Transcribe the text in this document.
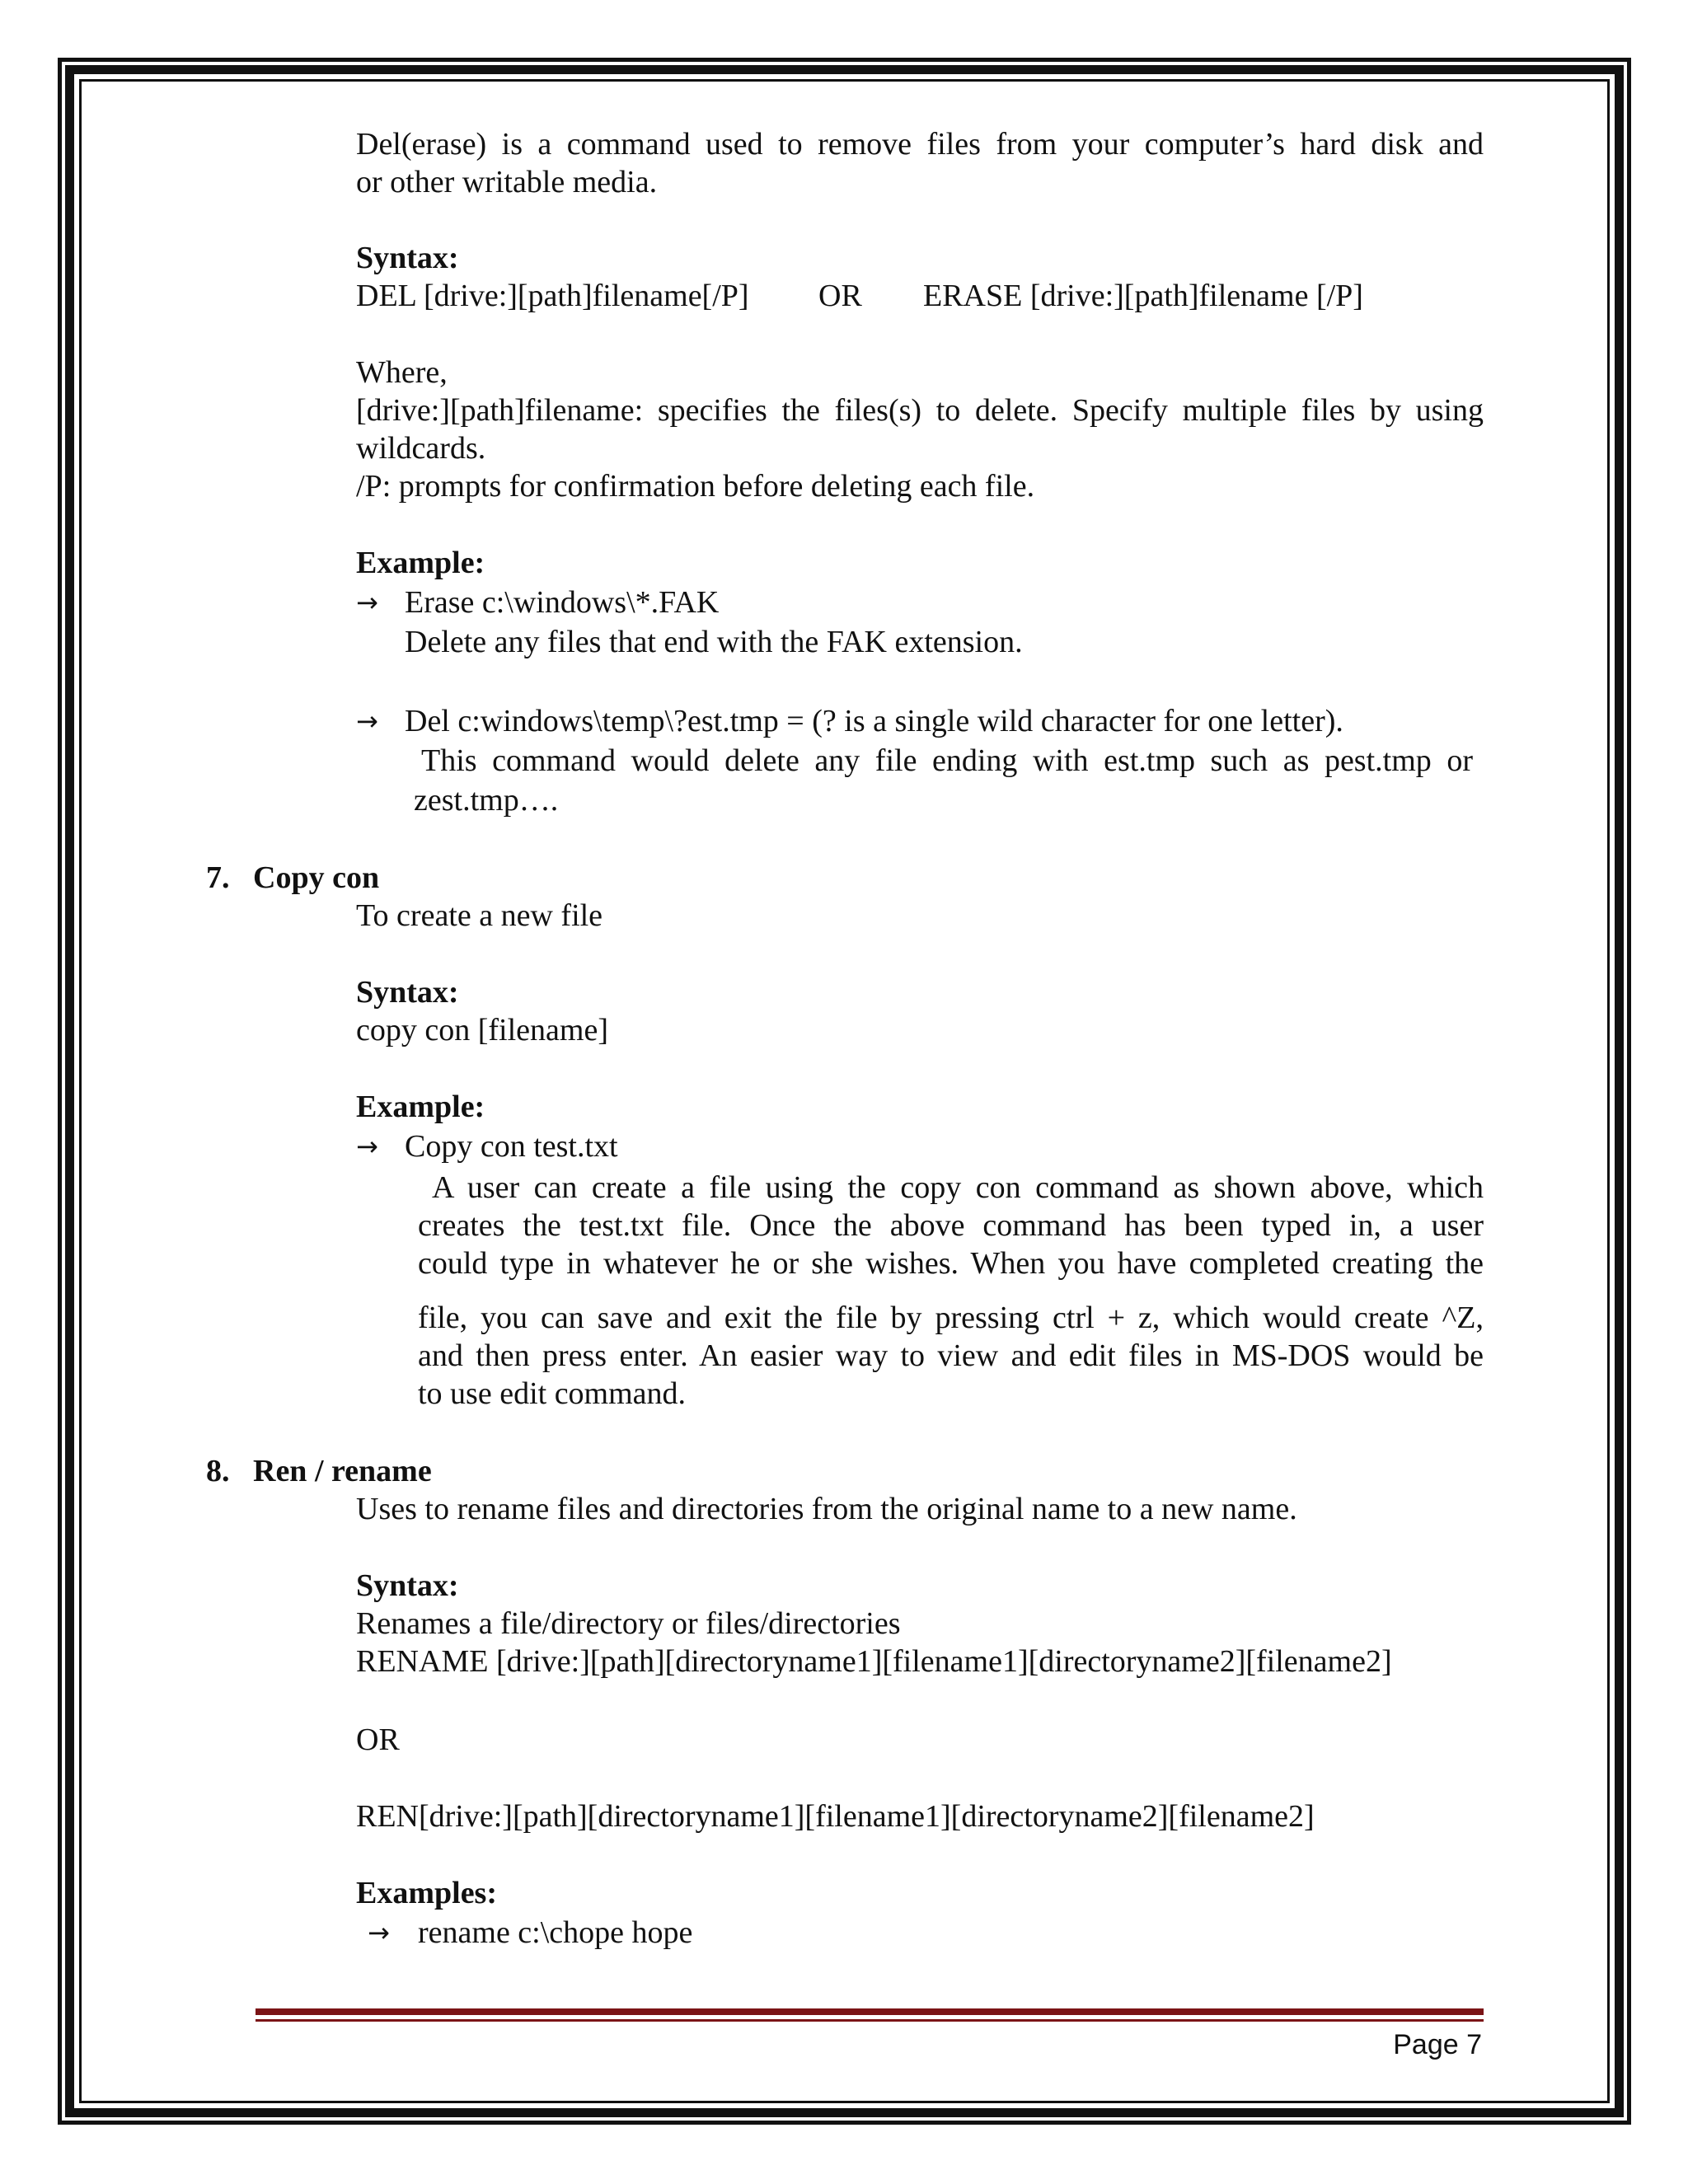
Del(erase) is a command used to remove files from your computer’s hard disk and

or other writable media.

Syntax:

DEL [drive:][path]filename[/P] OR ERASE [drive:][path]filename [/P]

Where,

[drive:][path]filename: specifies the files(s) to delete. Specify multiple files by using

wildcards.

/P: prompts for confirmation before deleting each file.

Example:

→ Erase c:\windows\*.FAK

Delete any files that end with the FAK extension.

→ Del c:windows\temp\?est.tmp = (? is a single wild character for one letter).

This command would delete any file ending with est.tmp such as pest.tmp or

zest.tmp….

7.   Copy con

To create a new file

Syntax:

copy con [filename]

Example:

→ Copy con test.txt

A user can create a file using the copy con command as shown above, which

creates the test.txt file. Once the above command has been typed in, a user

could type in whatever he or she wishes. When you have completed creating the

file, you can save and exit the file by pressing ctrl + z, which would create ^Z,

and then press enter. An easier way to view and edit files in MS-DOS would be

to use edit command.

8.   Ren / rename

Uses to rename files and directories from the original name to a new name.

Syntax:

Renames a file/directory or files/directories

RENAME [drive:][path][directoryname1][filename1][directoryname2][filename2]

OR

REN[drive:][path][directoryname1][filename1][directoryname2][filename2]

Examples:

→ rename c:\chope hope

Page 7
